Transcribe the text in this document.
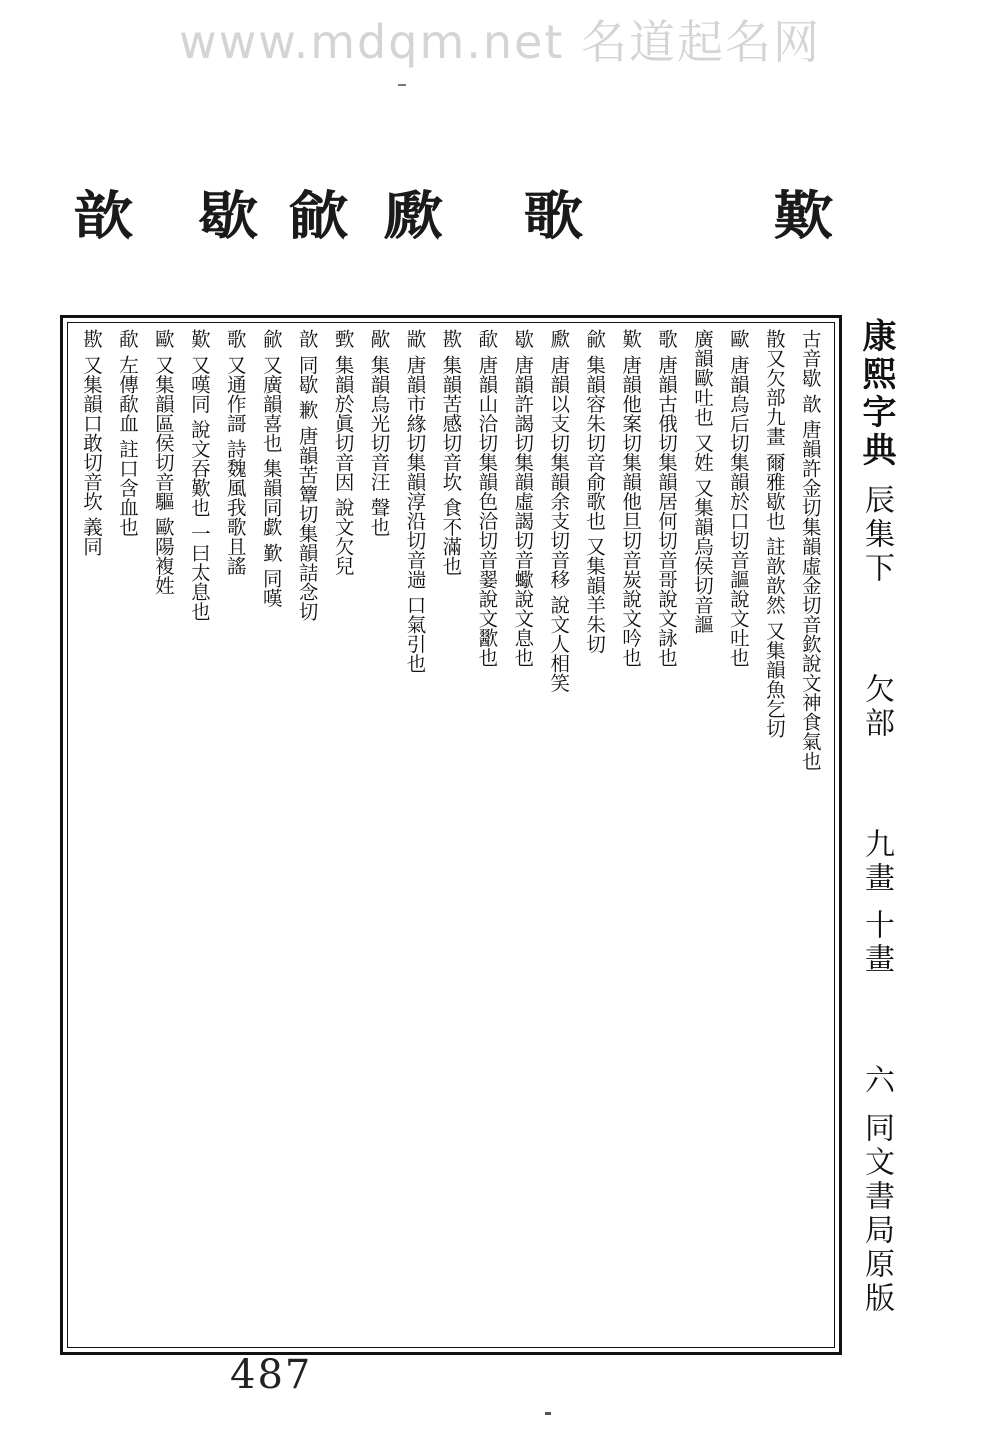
www.mdqm.net 名道起名网
歆 歇 歈 歋 歌	歎
古音歇 歆 唐韻許金切集韻虛金切音欽說文神食氣也
散又欠部九畫 爾雅歇也 註歆歆然 又集韻魚乞切
歐 唐韻烏后切集韻於口切音謳說文吐也
廣韻歐吐也 又姓 又集韻烏侯切音謳
歌 唐韻古俄切集韻居何切音哥說文詠也
歎 唐韻他案切集韻他旦切音炭說文吟也
歈 集韻容朱切音俞歌也 又集韻羊朱切
歋 唐韻以支切集韻余支切音移 說文人相笑
歇 唐韻許謁切集韻虛謁切音蠍說文息也
歃 唐韻山洽切集韻色洽切音翣說文歠也
歁 集韻苦感切音坎 食不滿也
歂 唐韻市緣切集韻淳沿切音遄 口氣引也
歄 集韻烏光切音汪 聲也
歅 集韻於眞切音因 說文欠兒
歆 同歇 歉 唐韻苦簟切集韻詰念切
歈 又廣韻喜也 集韻同歔 歏 同嘆
歌 又通作謌 詩魏風我歌且謠
歎 又嘆同 說文吞歎也 一曰太息也
歐 又集韻區侯切音驅 歐陽複姓
歃 左傳歃血 註口含血也
歁 又集韻口敢切音坎 義同	康熙字典 辰集下  欠部  九畫 十畫  六 同文書局原版
487
